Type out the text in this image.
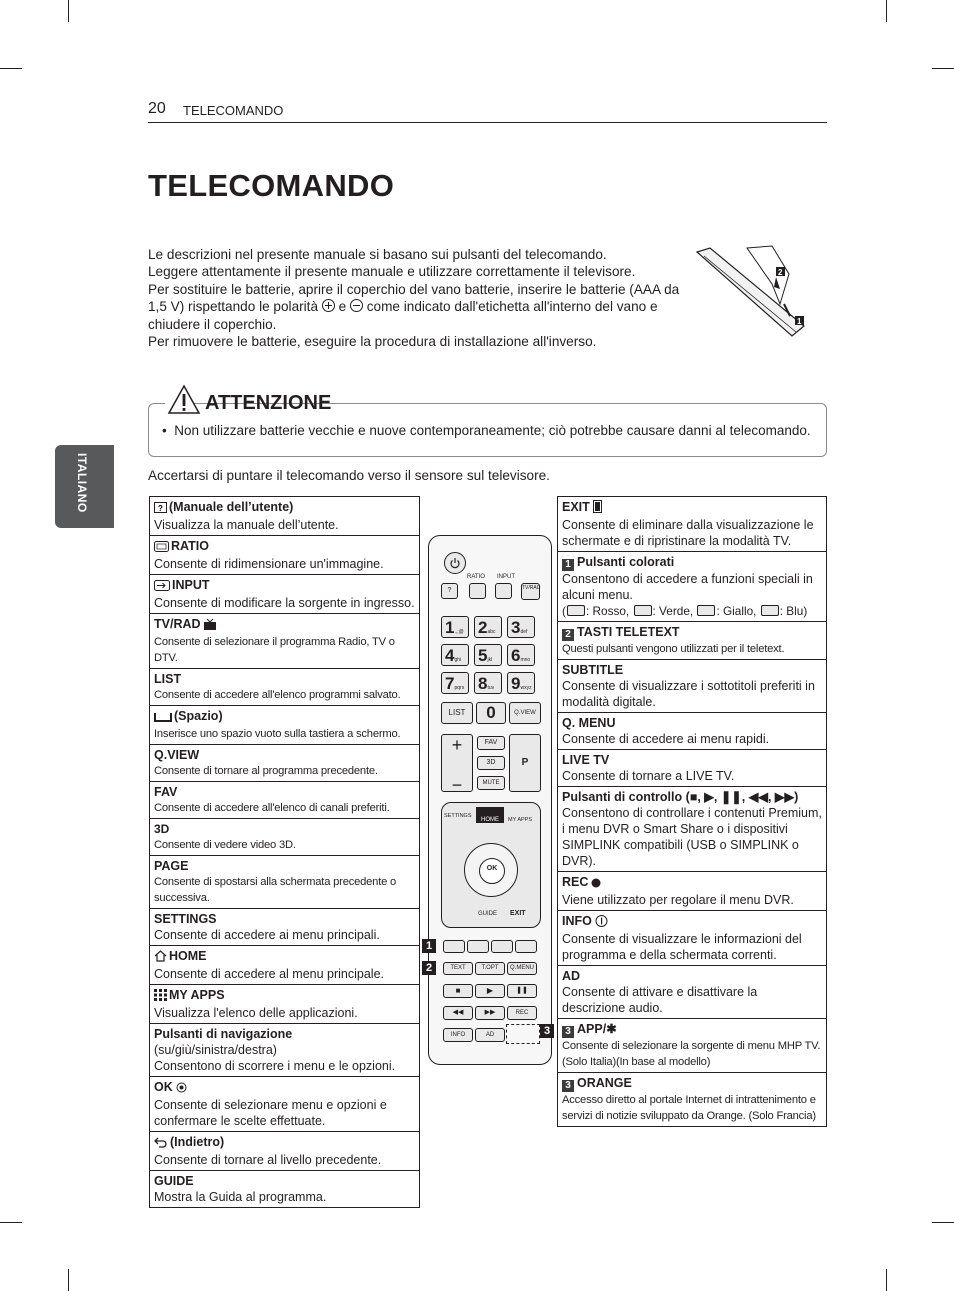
20 TELECOMANDO
TELECOMANDO

Le descrizioni nel presente manuale si basano sui pulsanti del telecomando.

Leggere attentamente il presente manuale e utilizzare correttamente il televisore.

Per sostituire le batterie, aprire il coperchio del vano batterie, inserire le batterie (AAA da 1,5 V) rispettando le polarità e come indicato dall'etichetta all'interno del vano e chiudere il coperchio.

Per rimuovere le batterie, eseguire la procedura di installazione all'inverso.

2
1
ATTENZIONE
•  Non utilizzare batterie vecchie e nuove contemporaneamente; ciò potrebbe causare danni al telecomando.
ITALIANO	Accertarsi di puntare il telecomando verso il sensore sul televisore.
? (Manuale dell’utente)
Visualizza la manuale dell’utente.

RATIO
Consente di ridimensionare un'immagine.

INPUT
Consente di modificare la sorgente in ingresso.

TV/RAD
Consente di selezionare il programma Radio, TV o DTV.

LIST
Consente di accedere all'elenco programmi salvato.

(Spazio)
Inserisce uno spazio vuoto sulla tastiera a schermo.

Q.VIEW
Consente di tornare al programma precedente.

FAV
Consente di accedere all'elenco di canali preferiti.

3D
Consente di vedere video 3D.

PAGE
Consente di spostarsi alla schermata precedente o successiva.

SETTINGS
Consente di accedere ai menu principali.

HOME
Consente di accedere al menu principale.

MY APPS
Visualizza l'elenco delle applicazioni.

Pulsanti di navigazione (su/giù/sinistra/destra)
Consentono di scorrere i menu e le opzioni.

OK
Consente di selezionare menu e opzioni e confermare le scelte effettuate.

(Indietro)
Consente di tornare al livello precedente.

GUIDE
Mostra la Guida al programma.
EXIT
Consente di eliminare dalla visualizzazione le schermate e di ripristinare la modalità TV.

1 Pulsanti colorati
Consentono di accedere a funzioni speciali in alcuni menu.
( : Rosso, : Verde, : Giallo, : Blu)

2 TASTI TELETEXT
Questi pulsanti vengono utilizzati per il teletext.

SUBTITLE
Consente di visualizzare i sottotitoli preferiti in modalità digitale.

Q. MENU
Consente di accedere ai menu rapidi.

LIVE TV
Consente di tornare a LIVE TV.

Pulsanti di controllo (■, ▶, ❚❚, ◀◀, ▶▶)
Consentono di controllare i contenuti Premium, i menu DVR o Smart Share o i dispositivi SIMPLINK compatibili (USB o SIMPLINK o DVR).

REC
Viene utilizzato per regolare il menu DVR.

INFO
Consente di visualizzare le informazioni del programma e della schermata correnti.

AD
Consente di attivare e disattivare la descrizione audio.

3 APP/✱
Consente di selezionare la sorgente di menu MHP TV. (Solo Italia)(In base al modello)

3 ORANGE
Accesso diretto al portale Internet di intrattenimento e servizi di notizie sviluppato da Orange. (Solo Francia)
RATIO INPUT
?	TV/RAD
LIST	0	Q.VIEW
+

−
FAV
3D
MUTE
P
SETTINGS
HOME	MY APPS
OK
GUIDE EXIT
TEXT	T.OPT	Q.MENU
■	▶	❚❚
◀◀	▶▶	REC
INFO	AD
1.,;@ 2abc 3def
4ghi 5jkl	6mno
7pqrs 8tuv 9wxyz
1
2
3
